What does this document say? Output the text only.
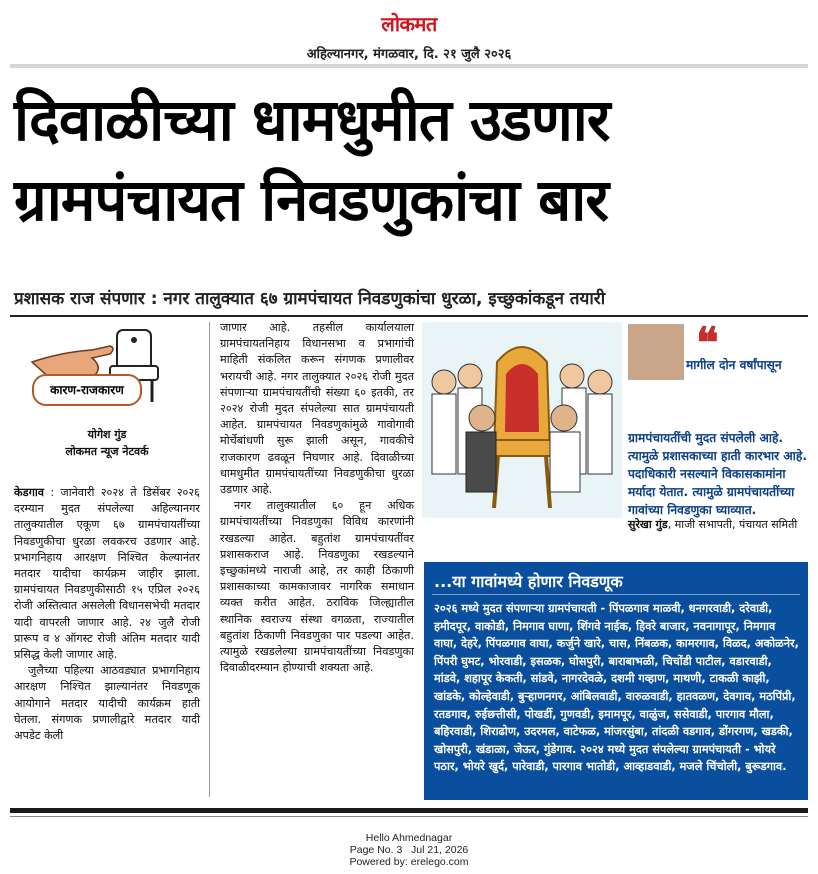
लोकमत
अहिल्यानगर, मंगळवार, दि. २१ जुलै २०२६
दिवाळीच्या धामधुमीत उडणार
ग्रामपंचायत निवडणुकांचा बार
प्रशासक राज संपणार : नगर तालुक्यात ६७ ग्रामपंचायत निवडणुकांचा धुरळा, इच्छुकांकडून तयारी
कारण-राजकारण
योगेश गुंड
लोकमत न्यूज नेटवर्क

केडगाव : जानेवारी २०२४ ते डिसेंबर २०२६ दरम्यान मुदत संपलेल्या अहिल्यानगर तालुक्यातील एकूण ६७ ग्रामपंचायतींच्या निवडणुकीचा धुरळा लवकरच उडणार आहे. प्रभागनिहाय आरक्षण निश्चित केल्यानंतर मतदार यादीचा कार्यक्रम जाहीर झाला. ग्रामपंचायत निवडणुकीसाठी १५ एप्रिल २०२६ रोजी अस्तित्वात असलेली विधानसभेची मतदार यादी वापरली जाणार आहे. २४ जुलै रोजी प्रारूप व ४ ऑगस्ट रोजी अंतिम मतदार यादी प्रसिद्ध केली जाणार आहे.

जुलैच्या पहिल्या आठवड्यात प्रभागनिहाय आरक्षण निश्चित झाल्यानंतर निवडणूक आयोगाने मतदार यादीची कार्यक्रम हाती घेतला. संगणक प्रणालीद्वारे मतदार यादी अपडेट केली

जाणार आहे. तहसील कार्यालयाला ग्रामपंचायतनिहाय विधानसभा व प्रभागांची माहिती संकलित करून संगणक प्रणालीवर भरायची आहे. नगर तालुक्यात २०२६ रोजी मुदत संपणाऱ्या ग्रामपंचायतींची संख्या ६० इतकी, तर २०२४ रोजी मुदत संपलेल्या सात ग्रामपंचायती आहेत. ग्रामपंचायत निवडणुकांमुळे गावोगावी मोर्चेबांधणी सुरू झाली असून, गावकीचे राजकारण ढवळून निघणार आहे. दिवाळीच्या धामधुमीत ग्रामपंचायतींच्या निवडणुकीचा धुरळा उडणार आहे.

नगर तालुक्यातील ६० हून अधिक ग्रामपंचायतींच्या निवडणुका विविध कारणांनी रखडल्या आहेत. बहुतांश ग्रामपंचायतींवर प्रशासकराज आहे. निवडणुका रखडल्याने इच्छुकांमध्ये नाराजी आहे, तर काही ठिकाणी प्रशासकाच्या कामकाजावर नागरिक समाधान व्यक्त करीत आहेत. ठराविक जिल्ह्यातील स्थानिक स्वराज्य संस्था वगळता, राज्यातील बहुतांश ठिकाणी निवडणुका पार पडल्या आहेत. त्यामुळे रखडलेल्या ग्रामपंचायतींच्या निवडणुका दिवाळीदरम्यान होण्याची शक्यता आहे.

❝
मागील दोन वर्षांपासून
ग्रामपंचायतींची मुदत संपलेली आहे. त्यामुळे प्रशासकाच्या हाती कारभार आहे. पदाधिकारी नसल्याने विकासकामांना मर्यादा येतात. त्यामुळे ग्रामपंचायतींच्या गावांच्या निवडणुका घ्याव्यात.
सुरेखा गुंड, माजी सभापती, पंचायत समिती
...या गावांमध्ये होणार निवडणूक
२०२६ मध्ये मुदत संपणाऱ्या ग्रामपंचायती - पिंपळगाव माळवी, धनगरवाडी, दरेवाडी, हमीदपूर, वाकोडी, निमगाव घाणा, शिंगवे नाईक, हिवरे बाजार, नवनागापूर, निमगाव वाघा, देहरे, पिंपळगाव वाघा, कर्जुने खारे, चास, निंबळक, कामरगाव, विळद, अकोळनेर, पिंपरी घुमट, भोरवाडी, इसळक, घोसपुरी, बाराबाभळी, चिचोंडी पाटील, वडारवाडी, मांडवे, शहापूर केकती, सांडवे, नागरदेवळे, दशमी गव्हाण, माथणी, टाकळी काझी, खांडके, कोल्हेवाडी, बुऱ्हाणनगर, आंबिलवाडी, वारुळवाडी, हातवळण, देवगाव, मठपिंप्री, रतडगाव, रुईछत्तीसी, पोखर्डी, गुणवडी, इमामपूर, वाळुंज, ससेवाडी, पारगाव मौला, बहिरवाडी, शिराढोण, उदरमल, वाटेफळ, मांजरसुंबा, तांदळी वडगाव, डोंगरगण, खडकी, खोसपुरी, खंडाळा, जेऊर, गुंडेगाव. २०२४ मध्ये मुदत संपलेल्या ग्रामपंचायती - भोयरे पठार, भोयरे खुर्द, पारेवाडी, पारगाव भातोडी, आव्हाडवाडी, मजले चिंचोली, बुरूडगाव.
Hello Ahmednagar
Page No. 3   Jul 21, 2026
Powered by: erelego.com
